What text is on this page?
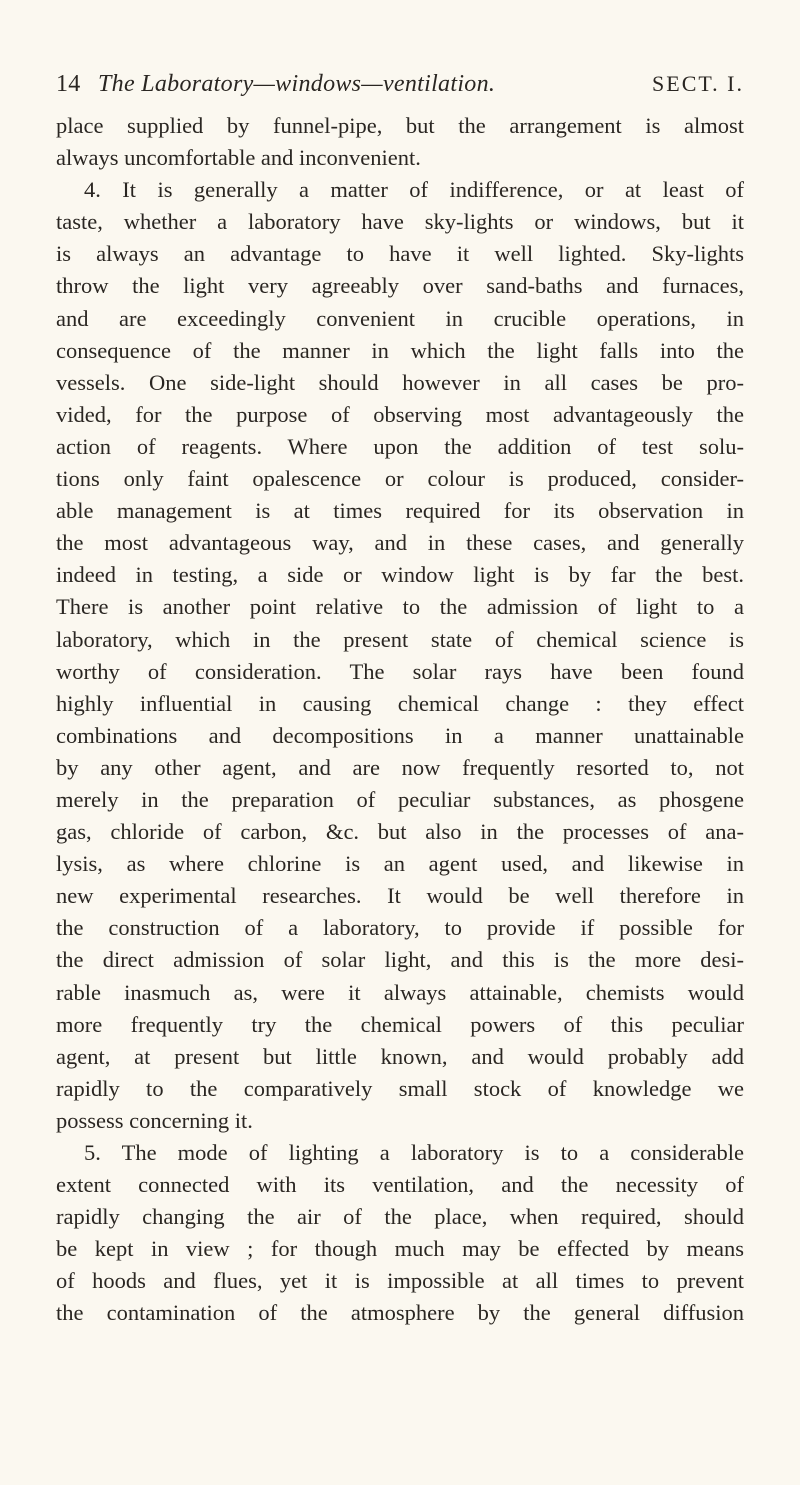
14 The Laboratory—windows—ventilation.	SECT. I.
place supplied by funnel-pipe, but the arrangement is almost
always uncomfortable and inconvenient.
4. It is generally a matter of indifference, or at least of
taste, whether a laboratory have sky-lights or windows, but it
is always an advantage to have it well lighted. Sky-lights
throw the light very agreeably over sand-baths and furnaces,
and are exceedingly convenient in crucible operations, in
consequence of the manner in which the light falls into the
vessels. One side-light should however in all cases be pro-
vided, for the purpose of observing most advantageously the
action of reagents. Where upon the addition of test solu-
tions only faint opalescence or colour is produced, consider-
able management is at times required for its observation in
the most advantageous way, and in these cases, and generally
indeed in testing, a side or window light is by far the best.
There is another point relative to the admission of light to a
laboratory, which in the present state of chemical science is
worthy of consideration. The solar rays have been found
highly influential in causing chemical change : they effect
combinations and decompositions in a manner unattainable
by any other agent, and are now frequently resorted to, not
merely in the preparation of peculiar substances, as phosgene
gas, chloride of carbon, &c. but also in the processes of ana-
lysis, as where chlorine is an agent used, and likewise in
new experimental researches. It would be well therefore in
the construction of a laboratory, to provide if possible for
the direct admission of solar light, and this is the more desi-
rable inasmuch as, were it always attainable, chemists would
more frequently try the chemical powers of this peculiar
agent, at present but little known, and would probably add
rapidly to the comparatively small stock of knowledge we
possess concerning it.
5. The mode of lighting a laboratory is to a considerable
extent connected with its ventilation, and the necessity of
rapidly changing the air of the place, when required, should
be kept in view ; for though much may be effected by means
of hoods and flues, yet it is impossible at all times to prevent
the contamination of the atmosphere by the general diffusion
